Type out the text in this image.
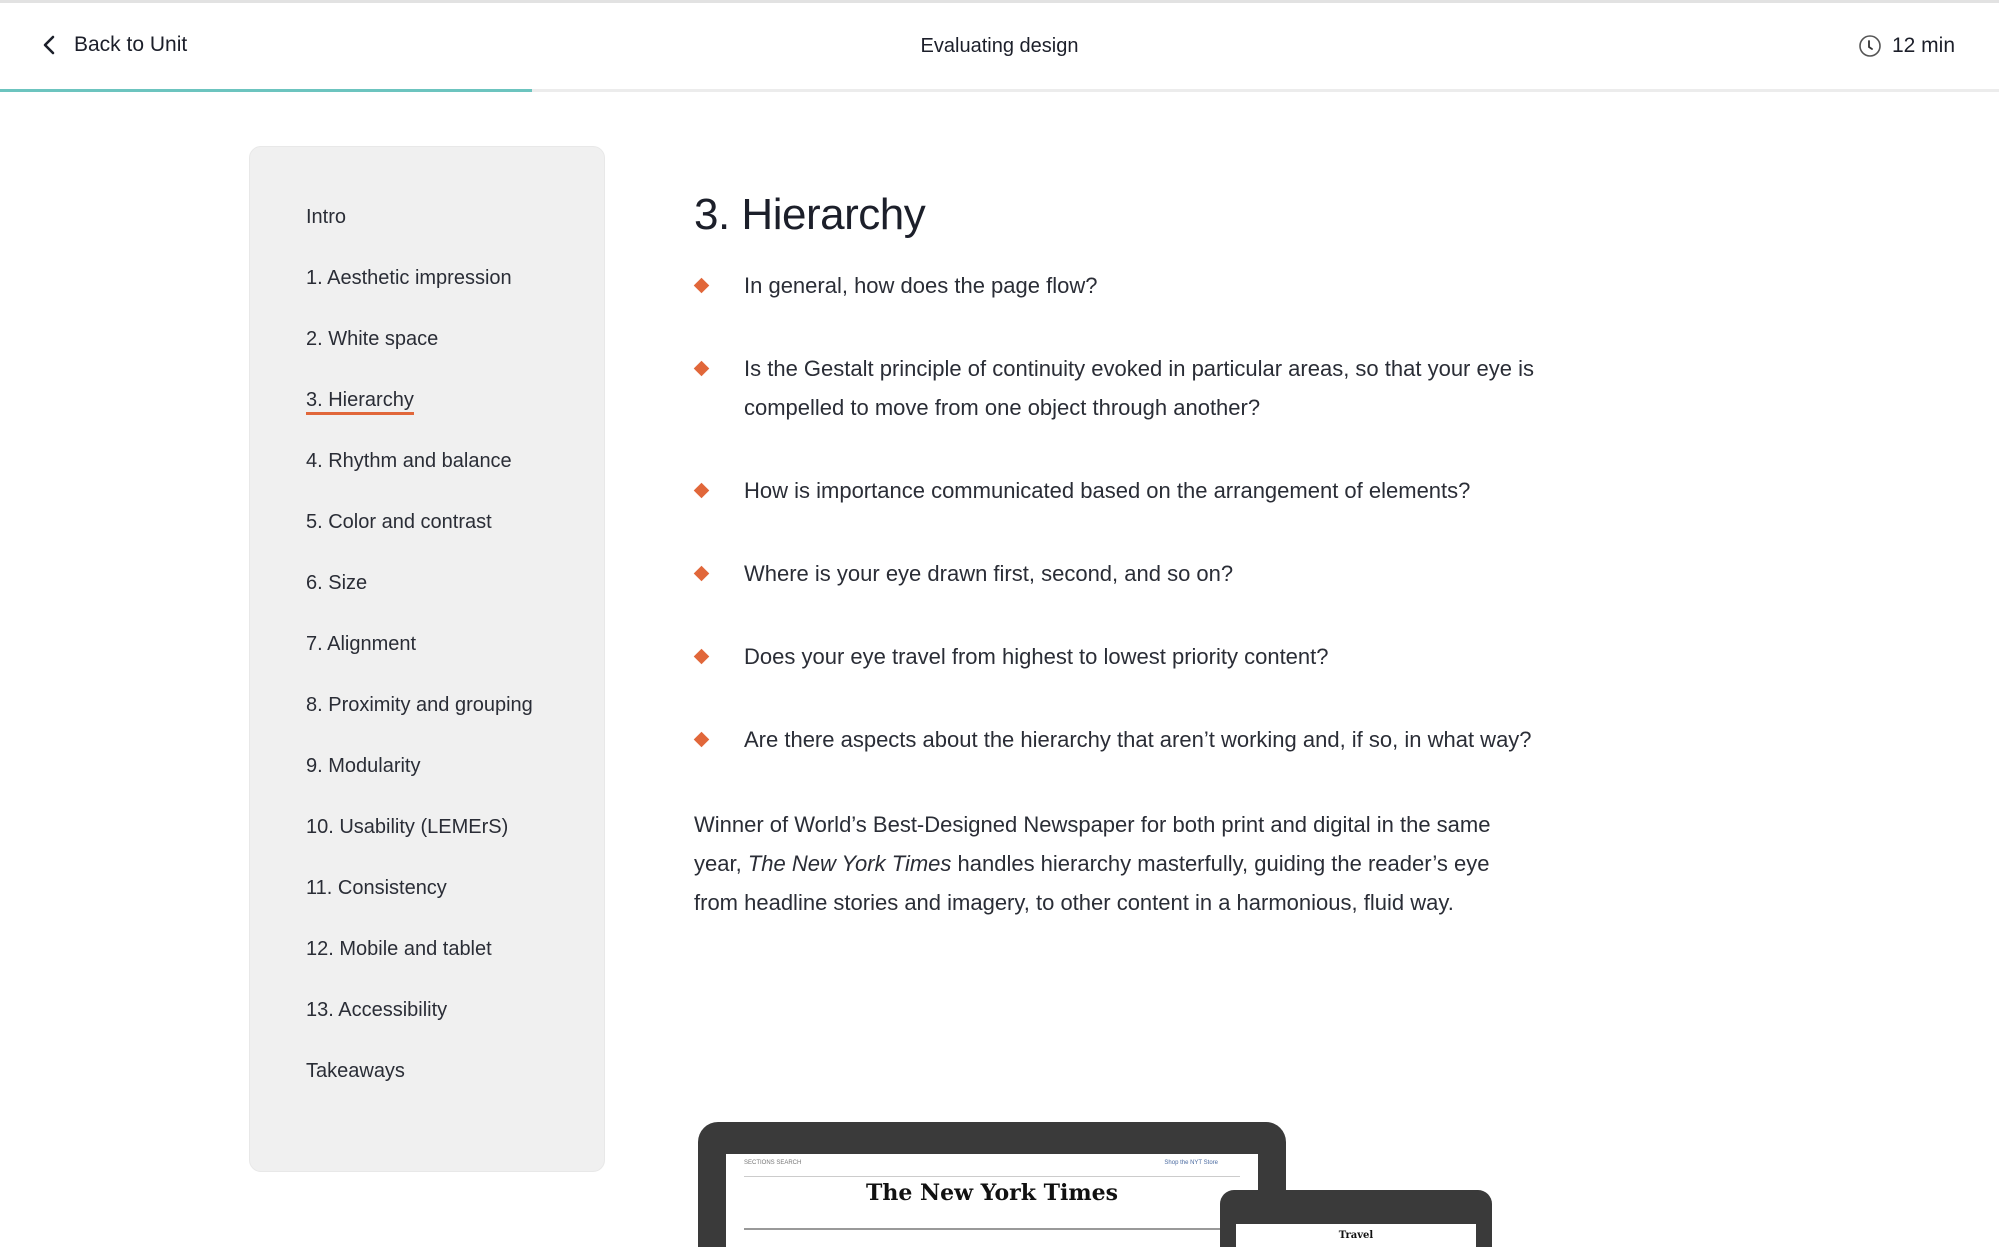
Back to Unit	Evaluating design	12 min
Intro
1. Aesthetic impression
2. White space
3. Hierarchy
4. Rhythm and balance
5. Color and contrast
6. Size
7. Alignment
8. Proximity and grouping
9. Modularity
10. Usability (LEMErS)
11. Consistency
12. Mobile and tablet
13. Accessibility
Takeaways
3. Hierarchy
In general, how does the page flow?
Is the Gestalt principle of continuity evoked in particular areas, so that your eye is compelled to move from one object through another?
How is importance communicated based on the arrangement of elements?
Where is your eye drawn first, second, and so on?
Does your eye travel from highest to lowest priority content?
Are there aspects about the hierarchy that aren’t working and, if so, in what way?

Winner of World’s Best-Designed Newspaper for both print and digital in the same year, The New York Times handles hierarchy masterfully, guiding the reader’s eye from headline stories and imagery, to other content in a harmonious, fluid way.

SECTIONS SEARCH	Shop the NYT Store
The New York Times
Travel
